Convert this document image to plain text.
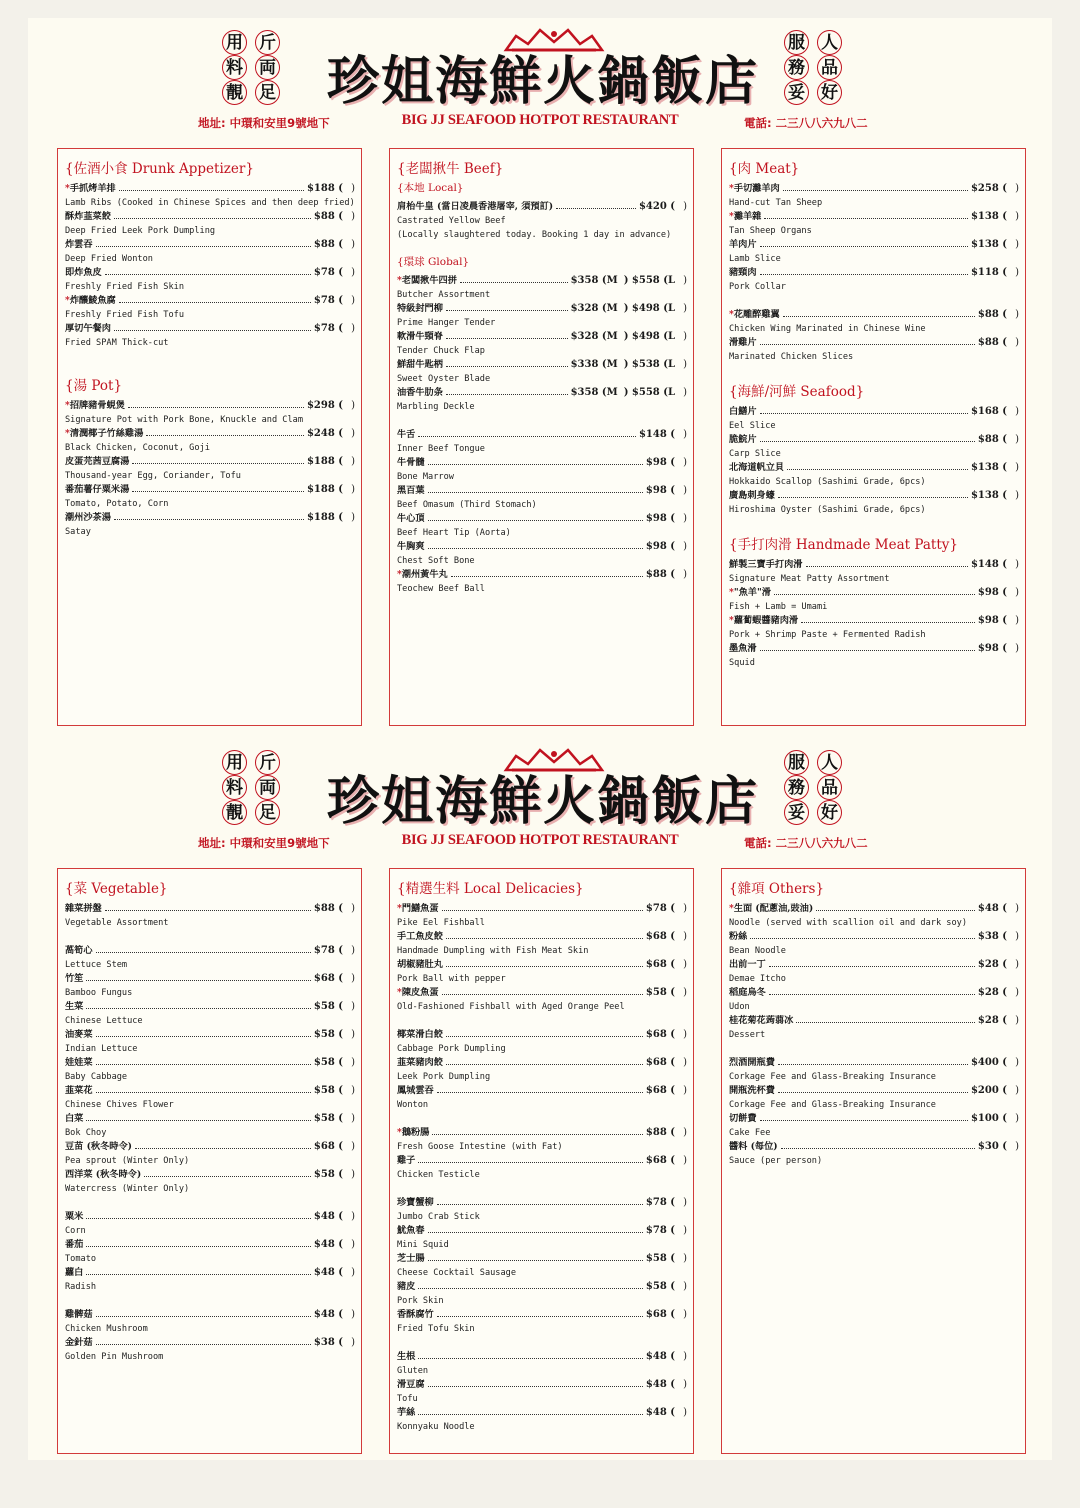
用 斤
料 両
靚 足 珍姐海鮮火鍋飯店
服 人
務 品
妥 好
地址: 中環和安里9號地下	BIG JJ SEAFOOD HOTPOT RESTAURANT	電話: 二三八八六九八二
{佐酒小食 Drunk Appetizer}
*手抓烤羊排	$188 ( )
Lamb Ribs (Cooked in Chinese Spices and then deep fried)
酥炸韮菜餃	$88 ( )
Deep Fried Leek Pork Dumpling
炸雲吞	$88 ( )
Deep Fried Wonton
即炸魚皮	$78 ( )
Freshly Fried Fish Skin
*炸釀鯪魚腐	$78 ( )
Freshly Fried Fish Tofu
厚切午餐肉	$78 ( )
Fried SPAM Thick-cut
{湯 Pot}
*招牌豬骨蜆煲	$298 ( )
Signature Pot with Pork Bone, Knuckle and Clam
*清潤椰子竹絲雞湯	$248 ( )
Black Chicken, Coconut, Goji
皮蛋芫茜豆腐湯	$188 ( )
Thousand-year Egg, Coriander, Tofu
番茄薯仔粟米湯	$188 ( )
Tomato, Potato, Corn
潮州沙茶湯	$188 ( )
Satay
{老闆揪牛 Beef}
{本地 Local}
肩枱牛皇 (當日凌晨香港屠宰, 須預訂)	$420 ( )
Castrated Yellow Beef
(Locally slaughtered today. Booking 1 day in advance)
{環球 Global}
*老闆揪牛四拼	$358 (M ) $558 (L )
Butcher Assortment
特級封門柳	$328 (M ) $498 (L )
Prime Hanger Tender
軟滑牛頸脊	$328 (M ) $498 (L )
Tender Chuck Flap
鮮甜牛匙柄	$338 (M ) $538 (L )
Sweet Oyster Blade
油香牛肋条	$358 (M ) $558 (L )
Marbling Deckle
牛舌	$148 ( )
Inner Beef Tongue
牛骨髓	$98 ( )
Bone Marrow
黑百葉	$98 ( )
Beef Omasum (Third Stomach)
牛心頂	$98 ( )
Beef Heart Tip (Aorta)
牛胸爽	$98 ( )
Chest Soft Bone
*潮州黃牛丸	$88 ( )
Teochew Beef Ball
{肉 Meat}
*手切灘羊肉	$258 ( )
Hand-cut Tan Sheep
*灘羊雜	$138 ( )
Tan Sheep Organs
羊肉片	$138 ( )
Lamb Slice
豬頸肉	$118 ( )
Pork Collar
*花雕醉雞翼	$88 ( )
Chicken Wing Marinated in Chinese Wine
滑雞片	$88 ( )
Marinated Chicken Slices
{海鮮/河鮮 Seafood}
白鱔片	$168 ( )
Eel Slice
脆鯇片	$88 ( )
Carp Slice
北海道帆立貝	$138 ( )
Hokkaido Scallop (Sashimi Grade, 6pcs)
廣島刺身蠔	$138 ( )
Hiroshima Oyster (Sashimi Grade, 6pcs)
{手打肉滑 Handmade Meat Patty}
鮮製三寶手打肉滑	$148 ( )
Signature Meat Patty Assortment
*"魚羊"滑	$98 ( )
Fish + Lamb = Umami
*蘿蔔蝦醬豬肉滑	$98 ( )
Pork + Shrimp Paste + Fermented Radish
墨魚滑	$98 ( )
Squid
用 斤
料 両
靚 足 珍姐海鮮火鍋飯店
服 人
務 品
妥 好
地址: 中環和安里9號地下	BIG JJ SEAFOOD HOTPOT RESTAURANT	電話: 二三八八六九八二
{菜 Vegetable}
雜菜拼盤	$88 ( )
Vegetable Assortment
萵筍心	$78 ( )
Lettuce Stem
竹笙	$68 ( )
Bamboo Fungus
生菜	$58 ( )
Chinese Lettuce
油麥菜	$58 ( )
Indian Lettuce
娃娃菜	$58 ( )
Baby Cabbage
韮菜花	$58 ( )
Chinese Chives Flower
白菜	$58 ( )
Bok Choy
豆苗 (秋冬時令)	$68 ( )
Pea sprout (Winter Only)
西洋菜 (秋冬時令)	$58 ( )
Watercress (Winter Only)
粟米	$48 ( )
Corn
番茄	$48 ( )
Tomato
蘿白	$48 ( )
Radish
雞髀菇	$48 ( )
Chicken Mushroom
金針菇	$38 ( )
Golden Pin Mushroom
{精選生料 Local Delicacies}
*門鱔魚蛋	$78 ( )
Pike Eel Fishball
手工魚皮餃	$68 ( )
Handmade Dumpling with Fish Meat Skin
胡椒豬肚丸	$68 ( )
Pork Ball with pepper
*陳皮魚蛋	$58 ( )
Old-Fashioned Fishball with Aged Orange Peel
椰菜滑白餃	$68 ( )
Cabbage Pork Dumpling
韮菜豬肉餃	$68 ( )
Leek Pork Dumpling
鳳城雲吞	$68 ( )
Wonton
*鵝粉腸	$88 ( )
Fresh Goose Intestine (with Fat)
雞子	$68 ( )
Chicken Testicle
珍寶蟹柳	$78 ( )
Jumbo Crab Stick
魷魚春	$78 ( )
Mini Squid
芝士腸	$58 ( )
Cheese Cocktail Sausage
豬皮	$58 ( )
Pork Skin
香酥腐竹	$68 ( )
Fried Tofu Skin
生根	$48 ( )
Gluten
滑豆腐	$48 ( )
Tofu
芋絲	$48 ( )
Konnyaku Noodle
{雜項 Others}
*生面 (配蔥油,豉油)	$48 ( )
Noodle (served with scallion oil and dark soy)
粉絲	$38 ( )
Bean Noodle
出前一丁	$28 ( )
Demae Itcho
稻庭烏冬	$28 ( )
Udon
桂花菊花蒟蒻冰	$28 ( )
Dessert
烈酒開瓶費	$400 ( )
Corkage Fee and Glass-Breaking Insurance
開瓶洗杯費	$200 ( )
Corkage Fee and Glass-Breaking Insurance
切餅費	$100 ( )
Cake Fee
醬料 (每位)	$30 ( )
Sauce (per person)
